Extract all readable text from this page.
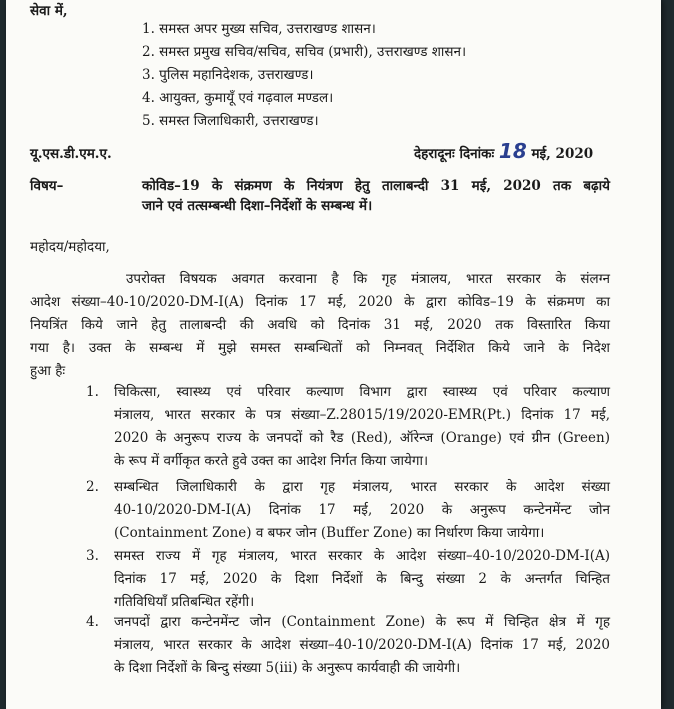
सेवा में,
1. समस्त अपर मुख्य सचिव, उत्तराखण्ड शासन।
2. समस्त प्रमुख सचिव/सचिव, सचिव (प्रभारी), उत्तराखण्ड शासन।
3. पुलिस महानिदेशक, उत्तराखण्ड।
4. आयुक्त, कुमायूँ एवं गढ़वाल मण्डल।
5. समस्त जिलाधिकारी, उत्तराखण्ड।
यू.एस.डी.एम.ए.	देहरादूनः दिनांकः 18 मई, 2020
विषय–	कोविड–19 के संक्रमण के नियंत्रण हेतु तालाबन्दी 31 मई, 2020 तक बढ़ाये
जाने एवं तत्सम्बन्धी दिशा–निर्देशों के सम्बन्ध में।
महोदय/महोदया,
उपरोक्त विषयक अवगत करवाना है कि गृह मंत्रालय, भारत सरकार के संलग्न
आदेश संख्या–40-10/2020-DM-I(A) दिनांक 17 मई, 2020 के द्वारा कोविड–19 के संक्रमण का
नियत्रिंत किये जाने हेतु तालाबन्दी की अवधि को दिनांक 31 मई, 2020 तक विस्तारित किया
गया है। उक्त के सम्बन्ध में मुझे समस्त सम्बन्धितों को निम्नवत् निर्देशित किये जाने के निदेश
हुआ हैः
1. चिकित्सा, स्वास्थ्य एवं परिवार कल्याण विभाग द्वारा स्वास्थ्य एवं परिवार कल्याण
मंत्रालय, भारत सरकार के पत्र संख्या–Z.28015/19/2020-EMR(Pt.) दिनांक 17 मई,
2020 के अनुरूप राज्य के जनपदों को रैड (Red), ऑरेन्ज (Orange) एवं ग्रीन (Green)
के रूप में वर्गीकृत करते हुवे उक्त का आदेश निर्गत किया जायेगा।
2. सम्बन्धित जिलाधिकारी के द्वारा गृह मंत्रालय, भारत सरकार के आदेश संख्या
40-10/2020-DM-I(A) दिनांक 17 मई, 2020 के अनुरूप कन्टेनमेंन्ट जोन
(Containment Zone) व बफर जोन (Buffer Zone) का निर्धारण किया जायेगा।
3. समस्त राज्य में गृह मंत्रालय, भारत सरकार के आदेश संख्या–40-10/2020-DM-I(A)
दिनांक 17 मई, 2020 के दिशा निर्देशों के बिन्दु संख्या 2 के अन्तर्गत चिन्हित
गतिविधियाँ प्रतिबन्धित रहेंगी।
4. जनपदों द्वारा कन्टेनमेंन्ट जोन (Containment Zone) के रूप में चिन्हित क्षेत्र में गृह
मंत्रालय, भारत सरकार के आदेश संख्या–40-10/2020-DM-I(A) दिनांक 17 मई, 2020
के दिशा निर्देशों के बिन्दु संख्या 5(iii) के अनुरूप कार्यवाही की जायेगी।
